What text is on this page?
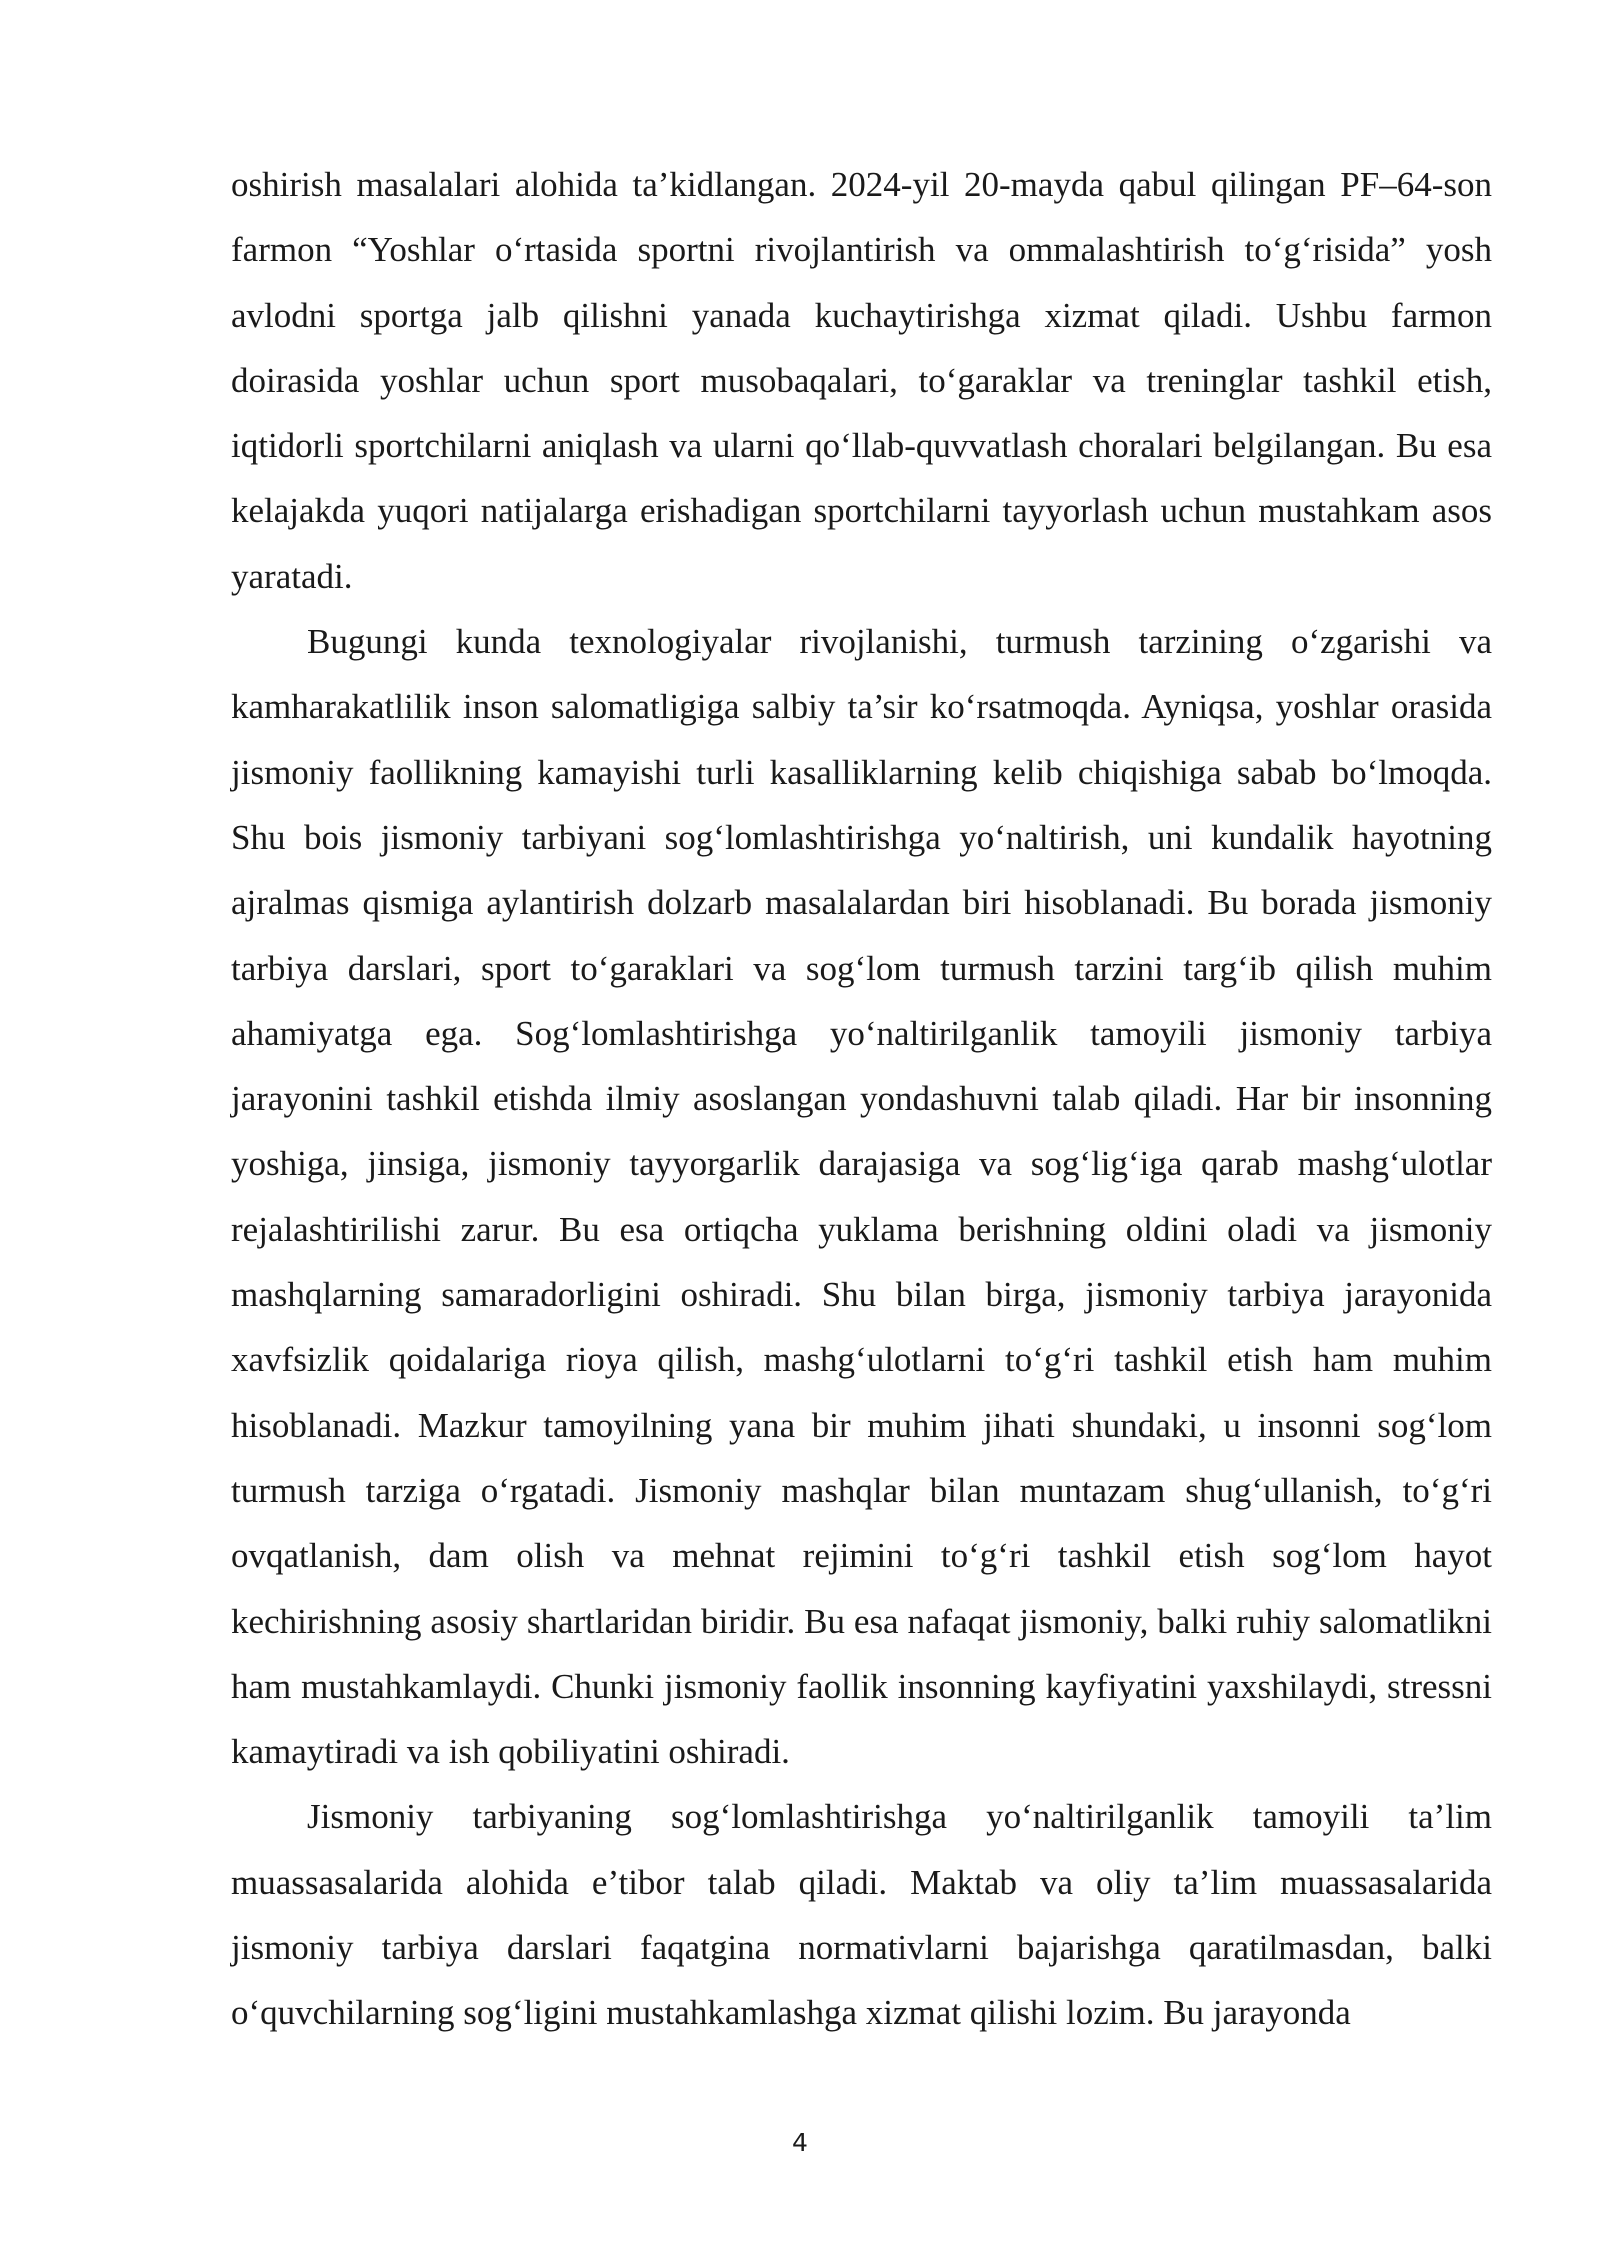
oshirish masalalari alohida ta’kidlangan. 2024-yil 20-mayda qabul qilingan PF–64-son farmon “Yoshlar o‘rtasida sportni rivojlantirish va ommalashtirish to‘g‘risida” yosh avlodni sportga jalb qilishni yanada kuchaytirishga xizmat qiladi. Ushbu farmon doirasida yoshlar uchun sport musobaqalari, to‘garaklar va treninglar tashkil etish, iqtidorli sportchilarni aniqlash va ularni qo‘llab-quvvatlash choralari belgilangan. Bu esa kelajakda yuqori natijalarga erishadigan sportchilarni tayyorlash uchun mustahkam asos yaratadi.

Bugungi kunda texnologiyalar rivojlanishi, turmush tarzining o‘zgarishi va kamharakatlilik inson salomatligiga salbiy ta’sir ko‘rsatmoqda. Ayniqsa, yoshlar orasida jismoniy faollikning kamayishi turli kasalliklarning kelib chiqishiga sabab bo‘lmoqda. Shu bois jismoniy tarbiyani sog‘lomlashtirishga yo‘naltirish, uni kundalik hayotning ajralmas qismiga aylantirish dolzarb masalalardan biri hisoblanadi. Bu borada jismoniy tarbiya darslari, sport to‘garaklari va sog‘lom turmush tarzini targ‘ib qilish muhim ahamiyatga ega. Sog‘lomlashtirishga yo‘naltirilganlik tamoyili jismoniy tarbiya jarayonini tashkil etishda ilmiy asoslangan yondashuvni talab qiladi. Har bir insonning yoshiga, jinsiga, jismoniy tayyorgarlik darajasiga va sog‘lig‘iga qarab mashg‘ulotlar rejalashtirilishi zarur. Bu esa ortiqcha yuklama berishning oldini oladi va jismoniy mashqlarning samaradorligini oshiradi. Shu bilan birga, jismoniy tarbiya jarayonida xavfsizlik qoidalariga rioya qilish, mashg‘ulotlarni to‘g‘ri tashkil etish ham muhim hisoblanadi. Mazkur tamoyilning yana bir muhim jihati shundaki, u insonni sog‘lom turmush tarziga o‘rgatadi. Jismoniy mashqlar bilan muntazam shug‘ullanish, to‘g‘ri ovqatlanish, dam olish va mehnat rejimini to‘g‘ri tashkil etish sog‘lom hayot kechirishning asosiy shartlaridan biridir. Bu esa nafaqat jismoniy, balki ruhiy salomatlikni ham mustahkamlaydi. Chunki jismoniy faollik insonning kayfiyatini yaxshilaydi, stressni kamaytiradi va ish qobiliyatini oshiradi.

Jismoniy tarbiyaning sog‘lomlashtirishga yo‘naltirilganlik tamoyili ta’lim muassasalarida alohida e’tibor talab qiladi. Maktab va oliy ta’lim muassasalarida jismoniy tarbiya darslari faqatgina normativlarni bajarishga qaratilmasdan, balki o‘quvchilarning sog‘ligini mustahkamlashga xizmat qilishi lozim. Bu jarayonda

4
